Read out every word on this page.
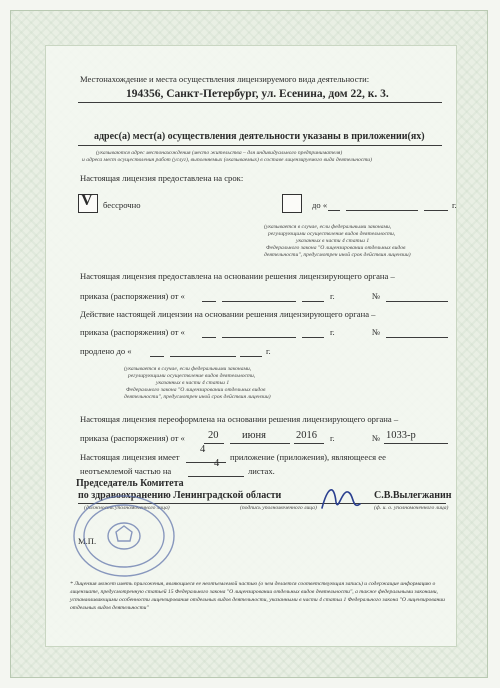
Местонахождение и места осуществления лицензируемого вида деятельности:
194356, Санкт-Петербург, ул. Есенина, дом 22, к. 3.
адрес(а) мест(а) осуществления деятельности указаны в приложении(ях)
(указываются адрес местонахождения (место жительства – для индивидуального предпринимателя)
и адреса мест осуществления работ (услуг), выполняемых (оказываемых) в составе лицензируемого вида деятельности)
Настоящая лицензия предоставлена на срок:
V бессрочно	до «	г.
(указывается в случае, если федеральными законами,
регулирующими осуществление видов деятельности,
указанных в части 4 статьи 1
Федерального закона "О лицензировании отдельных видов
деятельности", предусмотрен иной срок действия лицензии)
Настоящая лицензия предоставлена на основании решения лицензирующего органа –
приказа (распоряжения) от «	г.	№
Действие настоящей лицензии на основании решения лицензирующего органа –
приказа (распоряжения) от «	г.	№
продлено до «	г.
(указывается в случае, если федеральными законами,
регулирующими осуществление видов деятельности,
указанных в части 4 статьи 1
Федерального закона "О лицензировании отдельных видов
деятельности", предусмотрен иной срок действия лицензии)
Настоящая лицензия переоформлена на основании решения лицензирующего органа –
приказа (распоряжения) от « 20 июня	2016 г.	№ 1033-р
Настоящая лицензия имеет
4
приложение (приложения), являющееся ее
неотъемлемой частью на
4
листах.
Председатель Комитета
по здравоохранению Ленинградской области	С.В.Вылегжанин
(должность уполномоченного лица)	(подпись уполномоченного лица)	(ф. и. о. уполномоченного лица)
М.П.
* Лицензия может иметь приложения, являющиеся ее неотъемлемой частью (о чем делается соответствующая запись) и содержащие информацию о лицензиате, предусмотренную статьей 15 Федерального закона "О лицензировании отдельных видов деятельности", а также федеральными законами, устанавливающими особенности лицензирования отдельных видов деятельности, указанными в части 4 статьи 1 Федерального закона "О лицензировании отдельных видов деятельности"
